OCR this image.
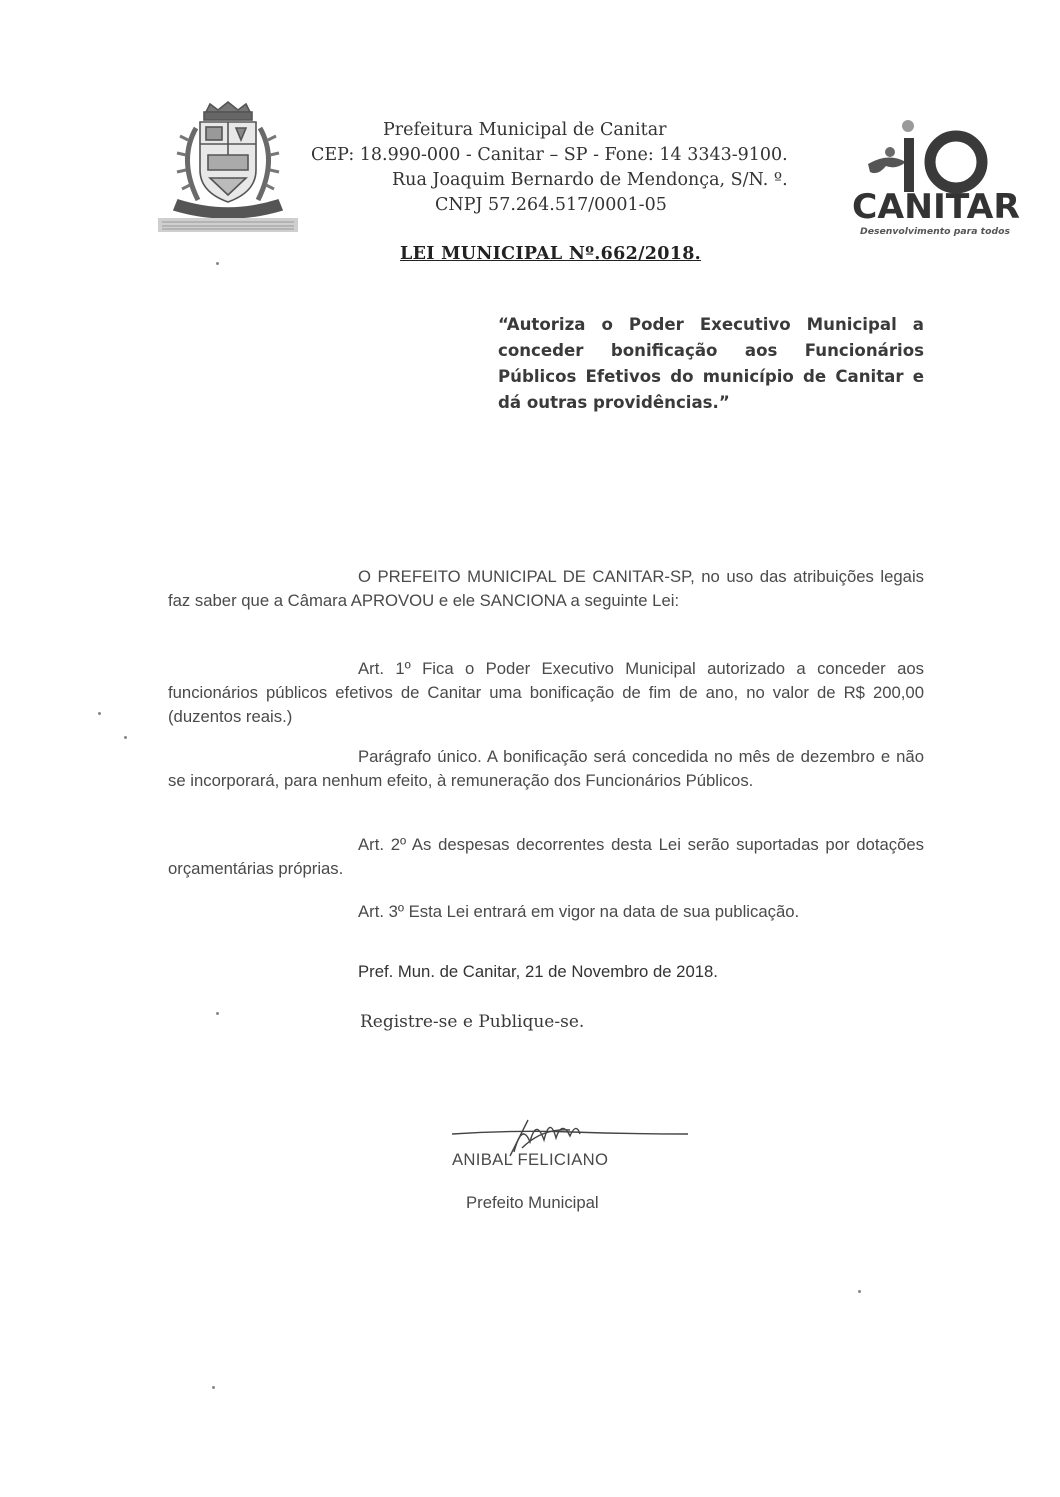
Prefeitura Municipal de Canitar
CEP: 18.990-000 - Canitar – SP - Fone: 14 3343-9100.
Rua Joaquim Bernardo de Mendonça, S/N. º.
CNPJ 57.264.517/0001-05	CANITAR
Desenvolvimento para todos
LEI MUNICIPAL Nº.662/2018.
“Autoriza o Poder Executivo Municipal a conceder bonificação aos Funcionários Públicos Efetivos do município de Canitar e dá outras providências.”
O PREFEITO MUNICIPAL DE CANITAR-SP, no uso das atribuições legais faz saber que a Câmara APROVOU e ele SANCIONA a seguinte Lei:
Art. 1º Fica o Poder Executivo Municipal autorizado a conceder aos funcionários públicos efetivos de Canitar uma bonificação de fim de ano, no valor de R$ 200,00 (duzentos reais.)
Parágrafo único. A bonificação será concedida no mês de dezembro e não se incorporará, para nenhum efeito, à remuneração dos Funcionários Públicos.
Art. 2º As despesas decorrentes desta Lei serão suportadas por dotações orçamentárias próprias.
Art. 3º Esta Lei entrará em vigor na data de sua publicação.
Pref. Mun. de Canitar, 21 de Novembro de 2018.
Registre-se e Publique-se.
ANIBAL FELICIANO
Prefeito Municipal
